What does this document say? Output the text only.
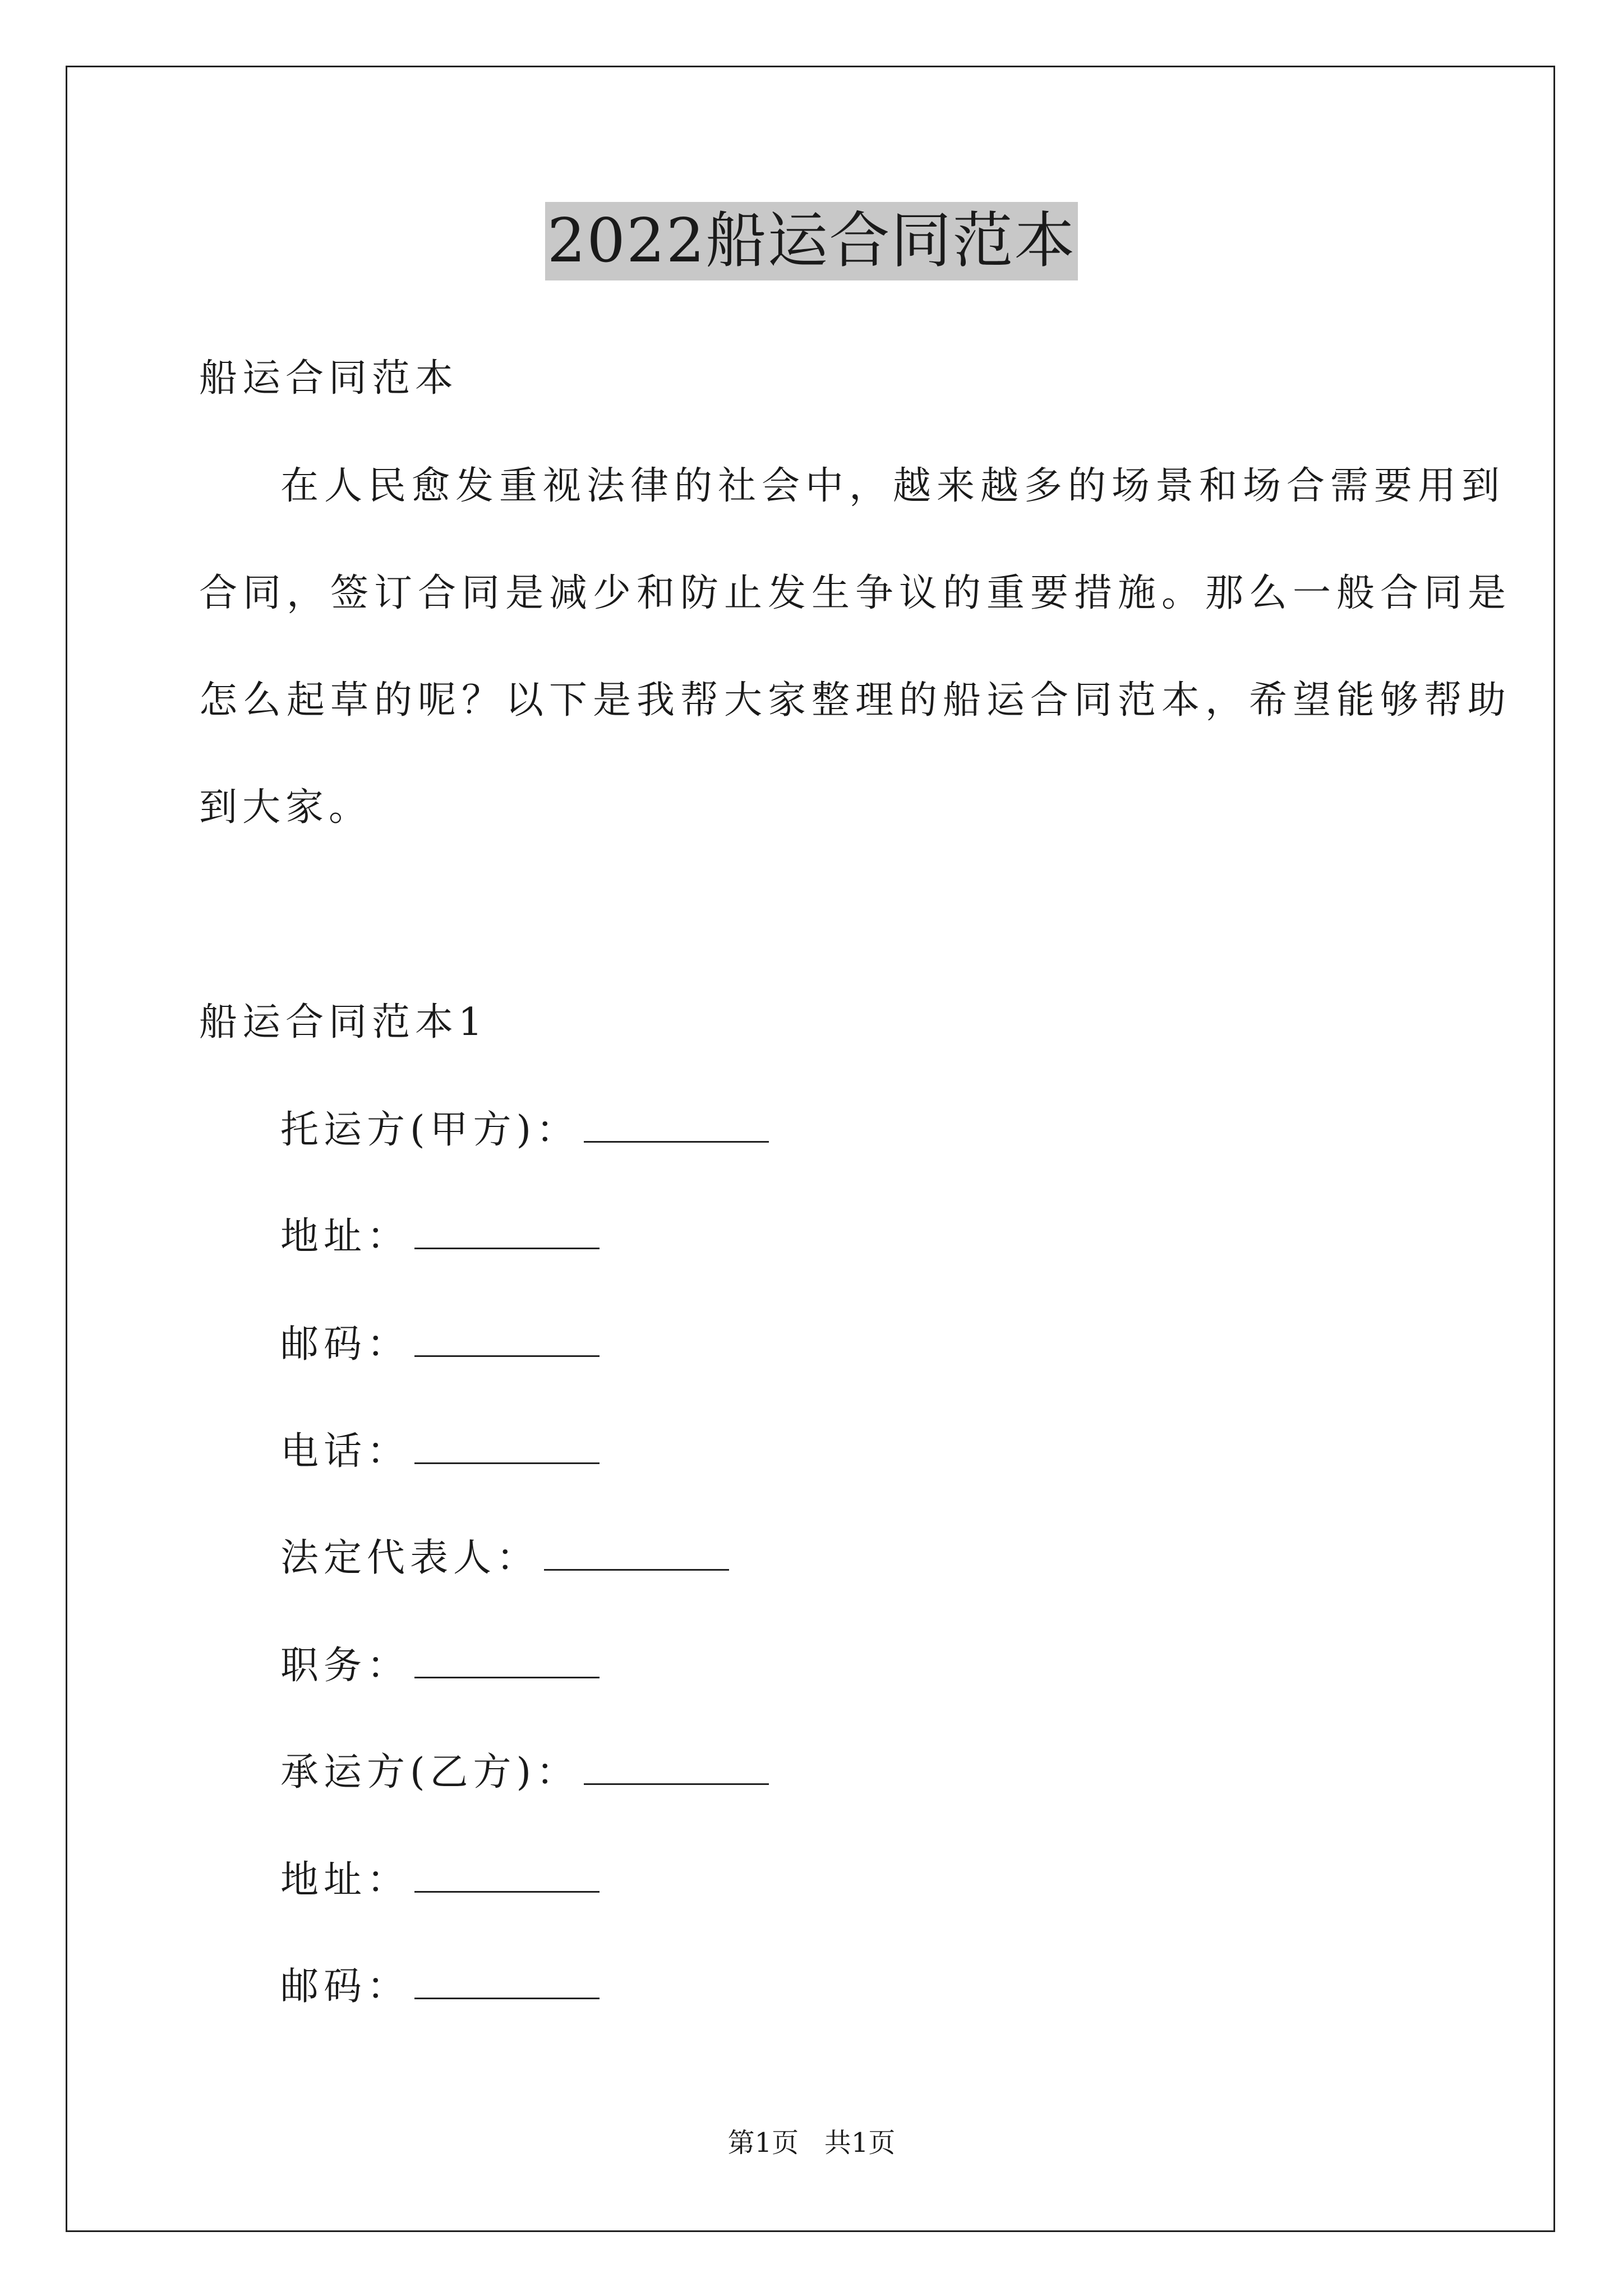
2022船运合同范本
船运合同范本
在人民愈发重视法律的社会中，越来越多的场景和场合需要用到
合同，签订合同是减少和防止发生争议的重要措施。那么一般合同是
怎么起草的呢？以下是我帮大家整理的船运合同范本，希望能够帮助
到大家。
船运合同范本1
托运方(甲方)：
地址：
邮码：
电话：
法定代表人：
职务：
承运方(乙方)：
地址：
邮码：
第1页   共1页
